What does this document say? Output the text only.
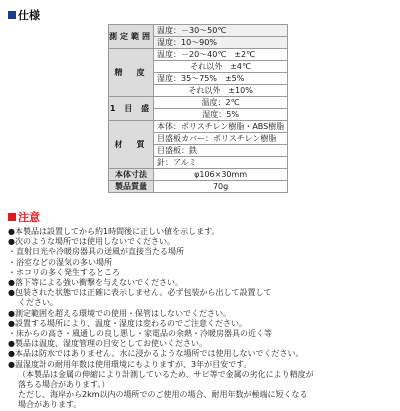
仕様
測定範囲	温度：－30～50℃
	湿度：10～90%
精　度	温度：－20～40℃　±2℃
	それ以外　±4℃
	湿度：35～75%　±5%
	それ以外　±10%
1 目 盛	温度：2℃
	湿度：5%
材　質	本体：ポリスチレン樹脂・ABS樹脂
	目盛板カバー：ポリスチレン樹脂
	目盛板：鉄
	針：アルミ
本体寸法	φ106×30mm
製品質量	70g
注意
●本製品は設置してから約1時間後に正しい値を示します。
●次のような場所では使用しないでください。
・直射日光や冷暖房器具の送風が直接当たる場所
・浴室などの湿気の多い場所
・ホコリの多く発生するところ
●落下等による強い衝撃を与えないでください。
●包装された状態では正確に表示しません。必ず包装から出して設置して
ください。
●測定範囲を超える環境での使用・保管はしないでください。
●設置する場所により、温度・湿度は変わるのでご注意ください。
・床からの高さ・風通しの良し悪し・家電品の余熱・冷暖房器具の近く等
●製品は温度、湿度管理の目安としてお使いください。
●本品は防水ではありません。水に浸かるような場所では使用しないでください。
●温湿度計の耐用年数は使用環境にもよりますが、3年が目安です。
（本製品は金属の伸縮により計測しているため、サビ等で金属の劣化により精度が
落ちる場合があります。）
ただし、海岸から2km以内の場所でのご使用の場合、耐用年数が極端に短くなる
場合があります。
